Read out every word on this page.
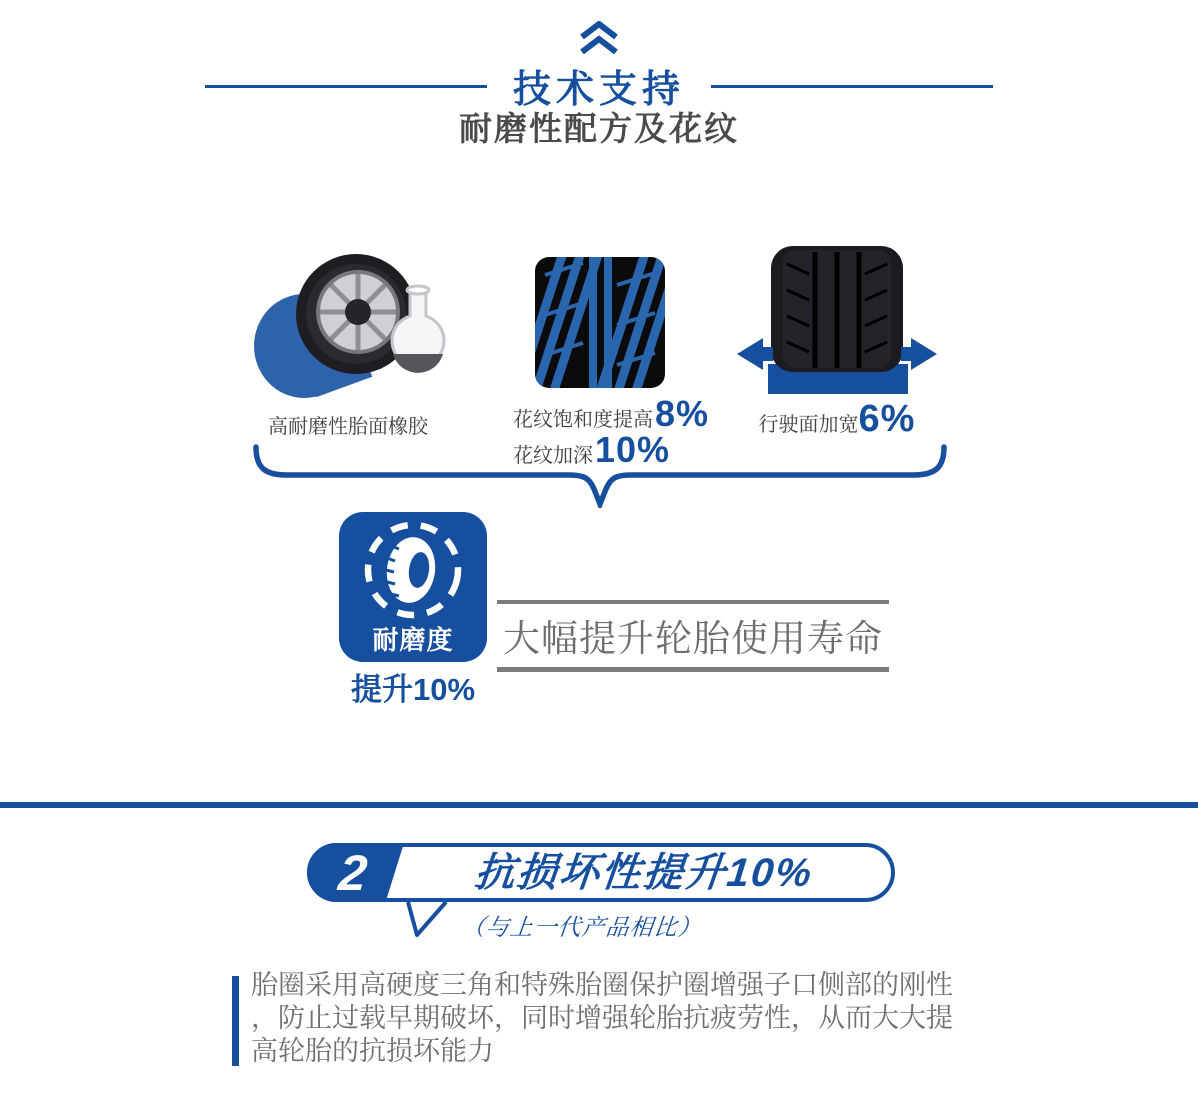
技术支持
耐磨性配方及花纹
高耐磨性胎面橡胶	花纹饱和度提高 8%
花纹加深 10%
行驶面加宽 6%
耐磨度
提升10%
大幅提升轮胎使用寿命
2	抗损坏性提升10%
（与上一代产品相比）
胎圈采用高硬度三角和特殊胎圈保护圈增强子口侧部的刚性，防止过载早期破坏，同时增强轮胎抗疲劳性，从而大大提高轮胎的抗损坏能力
